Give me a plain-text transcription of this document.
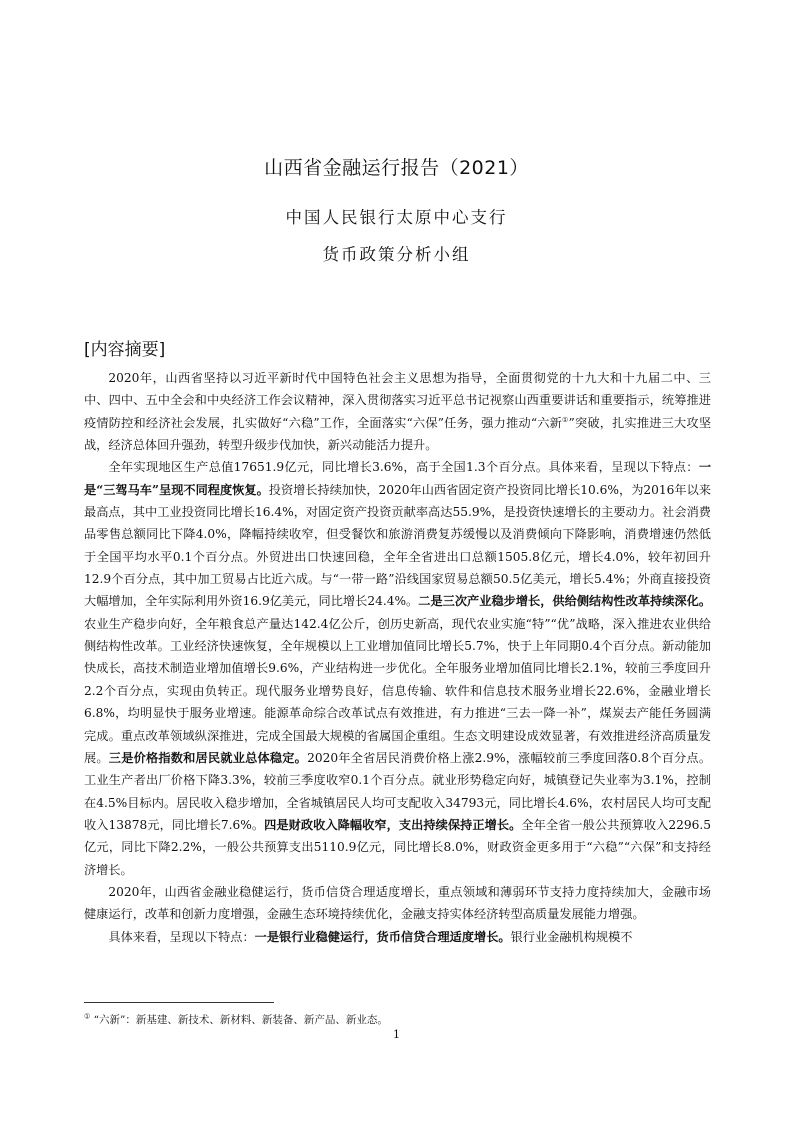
山西省金融运行报告（2021）
中国人民银行太原中心支行
货币政策分析小组
[内容摘要]

2020年，山西省坚持以习近平新时代中国特色社会主义思想为指导，全面贯彻党的十九大和十九届二中、三中、四中、五中全会和中央经济工作会议精神，深入贯彻落实习近平总书记视察山西重要讲话和重要指示，统筹推进疫情防控和经济社会发展，扎实做好“六稳”工作，全面落实“六保”任务，强力推动“六新①”突破，扎实推进三大攻坚战，经济总体回升强劲，转型升级步伐加快，新兴动能活力提升。

全年实现地区生产总值17651.9亿元，同比增长3.6%，高于全国1.3个百分点。具体来看，呈现以下特点：一是“三驾马车”呈现不同程度恢复。投资增长持续加快，2020年山西省固定资产投资同比增长10.6%，为2016年以来最高点，其中工业投资同比增长16.4%，对固定资产投资贡献率高达55.9%，是投资快速增长的主要动力。社会消费品零售总额同比下降4.0%，降幅持续收窄，但受餐饮和旅游消费复苏缓慢以及消费倾向下降影响，消费增速仍然低于全国平均水平0.1个百分点。外贸进出口快速回稳，全年全省进出口总额1505.8亿元，增长4.0%，较年初回升12.9个百分点，其中加工贸易占比近六成。与“一带一路”沿线国家贸易总额50.5亿美元，增长5.4%；外商直接投资大幅增加，全年实际利用外资16.9亿美元，同比增长24.4%。二是三次产业稳步增长，供给侧结构性改革持续深化。农业生产稳步向好，全年粮食总产量达142.4亿公斤，创历史新高，现代农业实施“特”“优”战略，深入推进农业供给侧结构性改革。工业经济快速恢复，全年规模以上工业增加值同比增长5.7%，快于上年同期0.4个百分点。新动能加快成长，高技术制造业增加值增长9.6%，产业结构进一步优化。全年服务业增加值同比增长2.1%，较前三季度回升2.2个百分点，实现由负转正。现代服务业增势良好，信息传输、软件和信息技术服务业增长22.6%，金融业增长6.8%，均明显快于服务业增速。能源革命综合改革试点有效推进，有力推进“三去一降一补”，煤炭去产能任务圆满完成。重点改革领域纵深推进，完成全国最大规模的省属国企重组。生态文明建设成效显著，有效推进经济高质量发展。三是价格指数和居民就业总体稳定。2020年全省居民消费价格上涨2.9%，涨幅较前三季度回落0.8个百分点。工业生产者出厂价格下降3.3%，较前三季度收窄0.1个百分点。就业形势稳定向好，城镇登记失业率为3.1%，控制在4.5%目标内。居民收入稳步增加，全省城镇居民人均可支配收入34793元，同比增长4.6%，农村居民人均可支配收入13878元，同比增长7.6%。四是财政收入降幅收窄，支出持续保持正增长。全年全省一般公共预算收入2296.5亿元，同比下降2.2%，一般公共预算支出5110.9亿元，同比增长8.0%，财政资金更多用于“六稳”“六保”和支持经济增长。

2020年，山西省金融业稳健运行，货币信贷合理适度增长，重点领域和薄弱环节支持力度持续加大，金融市场健康运行，改革和创新力度增强，金融生态环境持续优化，金融支持实体经济转型高质量发展能力增强。

具体来看，呈现以下特点：一是银行业稳健运行，货币信贷合理适度增长。银行业金融机构规模不

① “六新”：新基建、新技术、新材料、新装备、新产品、新业态。
1
